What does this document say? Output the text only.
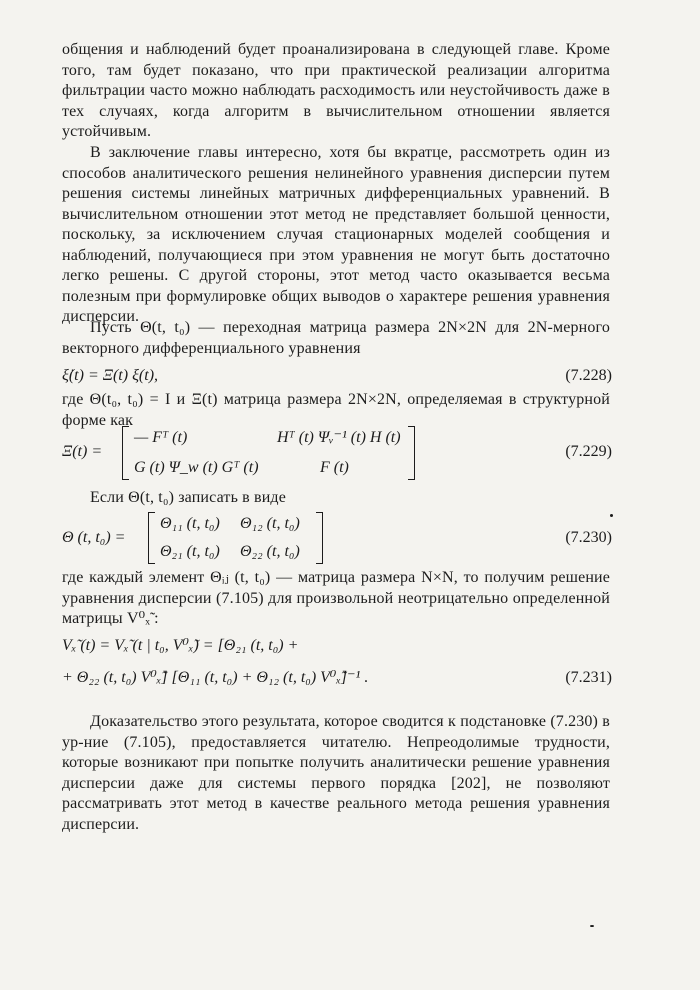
общения и наблюдений будет проанализирована в следующей главе. Кроме того, там будет показано, что при практической реализации алгоритма фильтрации часто можно наблюдать расходимость или неустойчивость даже в тех случаях, когда алгоритм в вычислительном отношении является устойчивым.
В заключение главы интересно, хотя бы вкратце, рассмотреть один из способов аналитического решения нелинейного уравнения дисперсии путем решения системы линейных матричных дифференциальных уравнений. В вычислительном отношении этот метод не представляет большой ценности, поскольку, за исключением случая стационарных моделей сообщения и наблюдений, получающиеся при этом уравнения не могут быть достаточно легко решены. С другой стороны, этот метод часто оказывается весьма полезным при формулировке общих выводов о характере решения уравнения дисперсии.
Пусть Θ(t, t₀) — переходная матрица размера 2N×2N для 2N-мерного векторного дифференциального уравнения
ξ̇(t) = Ξ(t) ξ(t),	(7.228)
где Θ(t₀, t₀) = I и Ξ(t) матрица размера 2N×2N, определяемая в структурной форме как
Ξ(t) =
— Fᵀ (t)	Hᵀ (t) Ψᵥ⁻¹ (t) H (t)
G (t) Ψ_w (t) Gᵀ (t)	F (t)
(7.229)
Если Θ(t, t₀) записать в виде
Θ (t, t₀) =
Θ₁₁ (t, t₀) Θ₁₂ (t, t₀)
Θ₂₁ (t, t₀) Θ₂₂ (t, t₀)
(7.230)
где каждый элемент Θᵢⱼ (t, t₀) — матрица размера N×N, то получим решение уравнения дисперсии (7.105) для произвольной неотрицательно определенной матрицы V⁰ₓ̃ :
Vₓ̃ (t) = Vₓ̃ (t | t₀, V⁰ₓ̃) = [Θ₂₁ (t, t₀) +
+ Θ₂₂ (t, t₀) V⁰ₓ̃] [Θ₁₁ (t, t₀) + Θ₁₂ (t, t₀) V⁰ₓ̃]⁻¹ .	(7.231)
Доказательство этого результата, которое сводится к подстановке (7.230) в ур-ние (7.105), предоставляется читателю. Непреодолимые трудности, которые возникают при попытке получить аналитически решение уравнения дисперсии даже для системы первого порядка [202], не позволяют рассматривать этот метод в качестве реального метода решения уравнения дисперсии.
